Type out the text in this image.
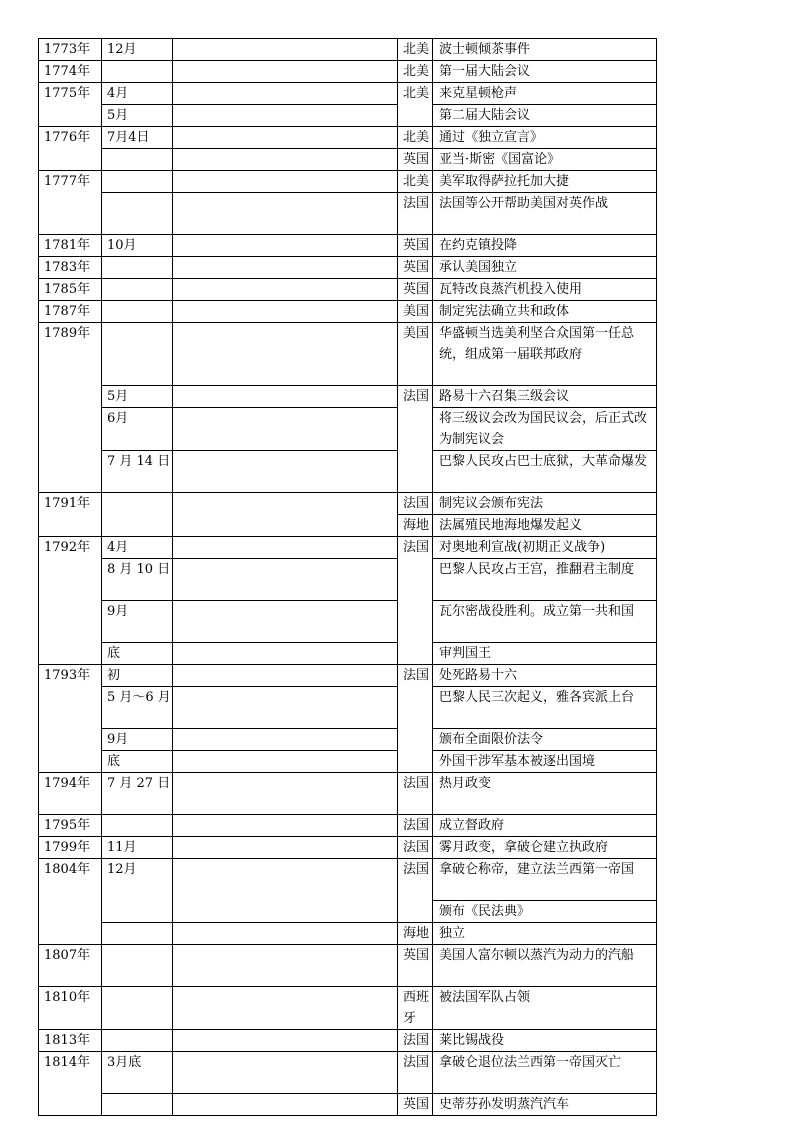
1773年	12月		北美	波士顿倾茶事件
1774年			北美	第一届大陆会议
1775年	4月		北美	来克星顿枪声
	5月			第二届大陆会议
1776年	7月4日		北美	通过《独立宣言》
			英国	亚当·斯密《国富论》
1777年			北美	美军取得萨拉托加大捷
			法国	法国等公开帮助美国对英作战
1781年	10月		英国	在约克镇投降
1783年			英国	承认美国独立
1785年			英国	瓦特改良蒸汽机投入使用
1787年			美国	制定宪法确立共和政体
1789年			美国	华盛顿当选美利坚合众国第一任总统，组成第一届联邦政府
	5月		法国	路易十六召集三级会议
	6月			将三级议会改为国民议会，后正式改为制宪议会
	7 月 14 日			巴黎人民攻占巴士底狱，大革命爆发
1791年			法国	制宪议会颁布宪法
			海地	法属殖民地海地爆发起义
1792年	4月		法国	对奥地利宣战(初期正义战争)
	8 月 10 日			巴黎人民攻占王宫，推翻君主制度
	9月			瓦尔密战役胜利。成立第一共和国
	底			审判国王
1793年	初		法国	处死路易十六
	5 月～6 月			巴黎人民三次起义，雅各宾派上台
	9月			颁布全面限价法令
	底			外国干涉军基本被逐出国境
1794年	7 月 27 日		法国	热月政变
1795年			法国	成立督政府
1799年	11月		法国	雾月政变，拿破仑建立执政府
1804年	12月		法国	拿破仑称帝，建立法兰西第一帝国
				颁布《民法典》
			海地	独立
1807年			英国	美国人富尔顿以蒸汽为动力的汽船
1810年			西班牙	被法国军队占领
1813年			法国	莱比锡战役
1814年	3月底		法国	拿破仑退位法兰西第一帝国灭亡
			英国	史蒂芬孙发明蒸汽汽车
